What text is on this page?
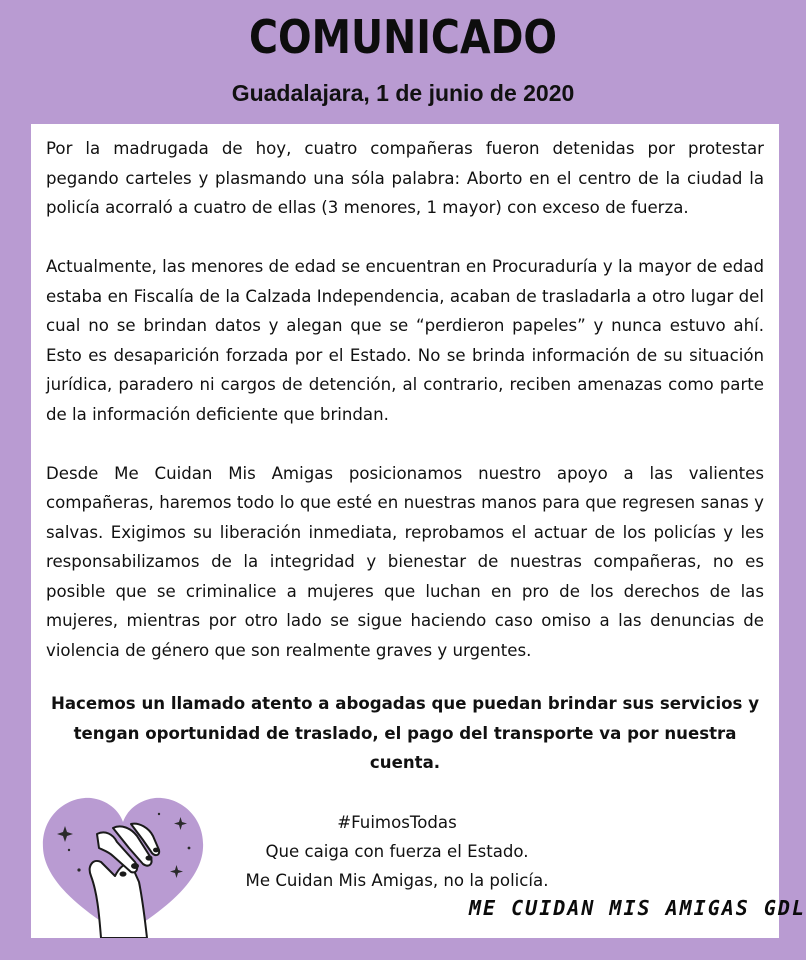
COMUNICADO
Guadalajara, 1 de junio de 2020

Por la madrugada de hoy, cuatro compañeras fueron detenidas por protestar pegando carteles y plasmando una sóla palabra: Aborto en el centro de la ciudad la policía acorraló a cuatro de ellas (3 menores, 1 mayor) con exceso de fuerza.

Actualmente, las menores de edad se encuentran en Procuraduría y la mayor de edad estaba en Fiscalía de la Calzada Independencia, acaban de trasladarla a otro lugar del cual no se brindan datos y alegan que se “perdieron papeles” y nunca estuvo ahí. Esto es desaparición forzada por el Estado. No se brinda información de su situación jurídica, paradero ni cargos de detención, al contrario, reciben amenazas como parte de la información deficiente que brindan.

Desde Me Cuidan Mis Amigas posicionamos nuestro apoyo a las valientes compañeras, haremos todo lo que esté en nuestras manos para que regresen sanas y salvas. Exigimos su liberación inmediata, reprobamos el actuar de los policías y les responsabilizamos de la integridad y bienestar de nuestras compañeras, no es posible que se criminalice a mujeres que luchan en pro de los derechos de las mujeres, mientras por otro lado se sigue haciendo caso omiso a las denuncias de violencia de género que son realmente graves y urgentes.

Hacemos un llamado atento a abogadas que puedan brindar sus servicios y tengan oportunidad de traslado, el pago del transporte va por nuestra cuenta.
#FuimosTodas
Que caiga con fuerza el Estado.
Me Cuidan Mis Amigas, no la policía.
ME CUIDAN MIS AMIGAS GDL
